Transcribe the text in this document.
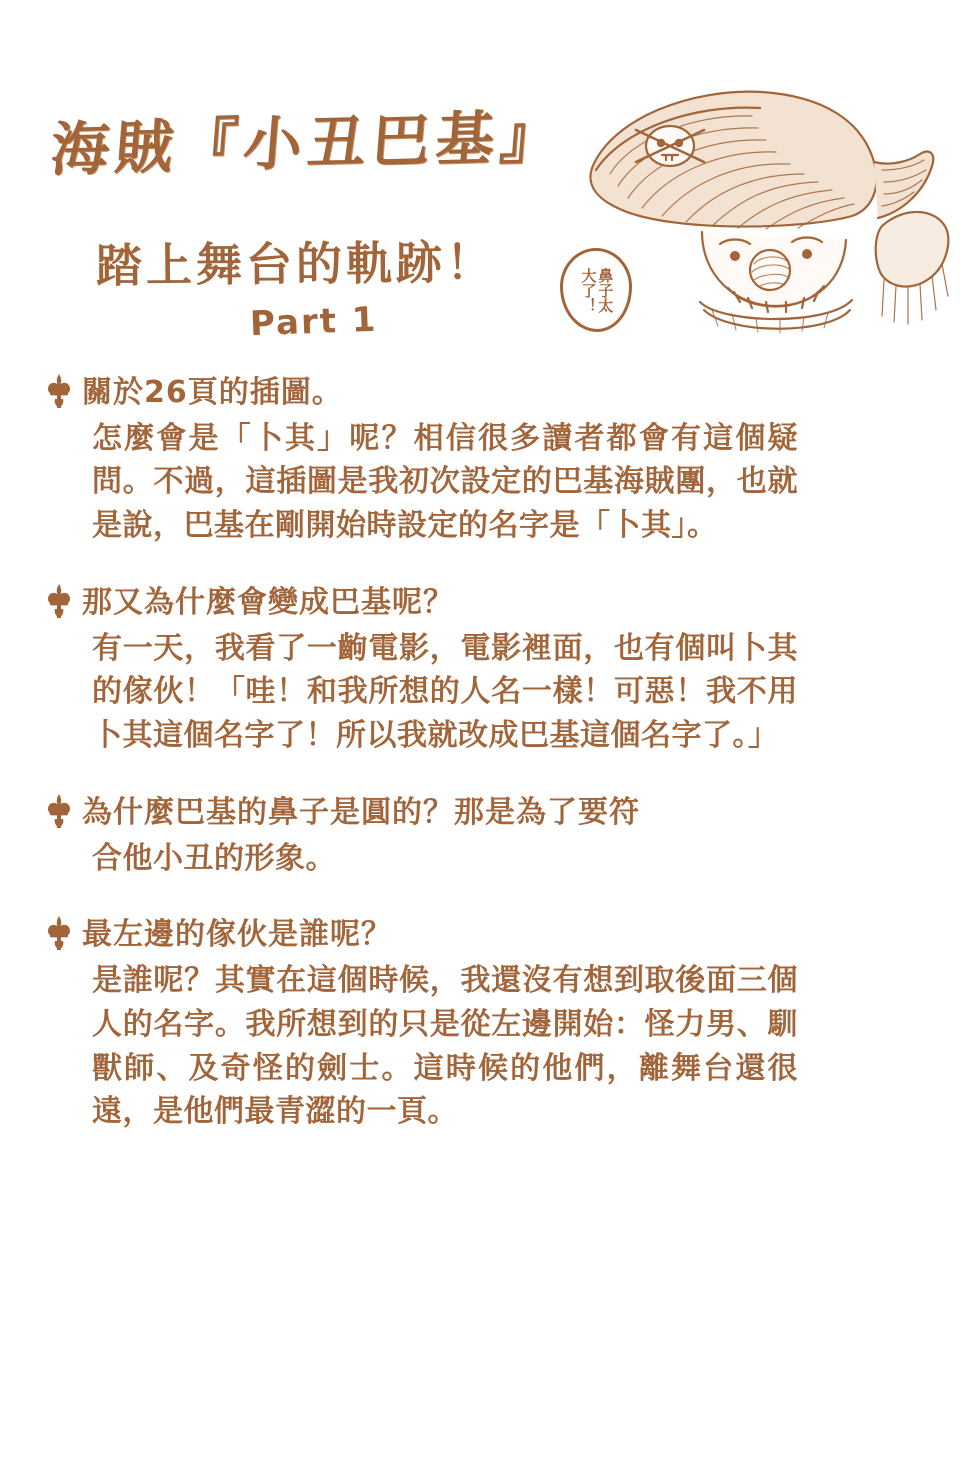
海賊『小丑巴基』
踏上舞台的軌跡！
Part 1
鼻子太
大了！
關於26頁的插圖。
怎麼會是「卜其」呢？相信很多讀者都會有這個疑問。不過，這插圖是我初次設定的巴基海賊團，也就是說，巴基在剛開始時設定的名字是「卜其」。
那又為什麼會變成巴基呢？
有一天，我看了一齣電影，電影裡面，也有個叫卜其的傢伙！「哇！和我所想的人名一樣！可惡！我不用卜其這個名字了！所以我就改成巴基這個名字了。」
為什麼巴基的鼻子是圓的？那是為了要符
合他小丑的形象。
最左邊的傢伙是誰呢？
是誰呢？其實在這個時候，我還沒有想到取後面三個人的名字。我所想到的只是從左邊開始：怪力男、馴獸師、及奇怪的劍士。這時候的他們，離舞台還很遠，是他們最青澀的一頁。
